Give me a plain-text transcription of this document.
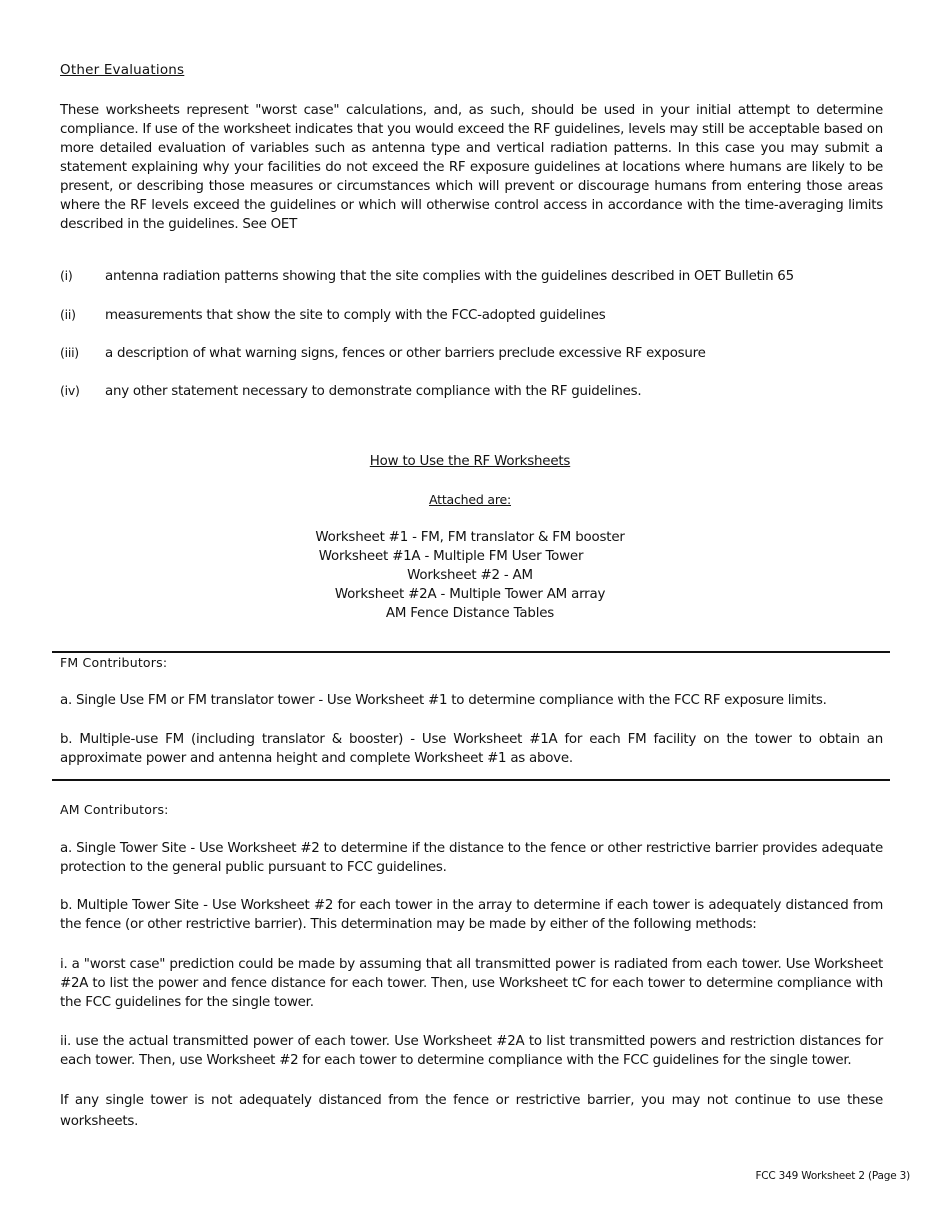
Other Evaluations
These worksheets represent "worst case" calculations, and, as such, should be used in your initial attempt to determine compliance. If use of the worksheet indicates that you would exceed the RF guidelines, levels may still be acceptable based on more detailed evaluation of variables such as antenna type and vertical radiation patterns. In this case you may submit a statement explaining why your facilities do not exceed the RF exposure guidelines at locations where humans are likely to be present, or describing those measures or circumstances which will prevent or discourage humans from entering those areas where the RF levels exceed the guidelines or which will otherwise control access in accordance with the time-averaging limits described in the guidelines. See OET
(i) antenna radiation patterns showing that the site complies with the guidelines described in OET Bulletin 65
(ii) measurements that show the site to comply with the FCC-adopted guidelines
(iii) a description of what warning signs, fences or other barriers preclude excessive RF exposure
(iv) any other statement necessary to demonstrate compliance with the RF guidelines.
How to Use the RF Worksheets
Attached are:
Worksheet #1 - FM, FM translator & FM booster
Worksheet #1A - Multiple FM User Tower
Worksheet #2 - AM
Worksheet #2A - Multiple Tower AM array
AM Fence Distance Tables
FM Contributors:
a. Single Use FM or FM translator tower - Use Worksheet #1 to determine compliance with the FCC RF exposure limits.
b. Multiple-use FM (including translator & booster) - Use Worksheet #1A for each FM facility on the tower to obtain an approximate power and antenna height and complete Worksheet #1 as above.
AM Contributors:
a. Single Tower Site - Use Worksheet #2 to determine if the distance to the fence or other restrictive barrier provides adequate protection to the general public pursuant to FCC guidelines.
b. Multiple Tower Site - Use Worksheet #2 for each tower in the array to determine if each tower is adequately distanced from the fence (or other restrictive barrier). This determination may be made by either of the following methods:
i. a "worst case" prediction could be made by assuming that all transmitted power is radiated from each tower. Use Worksheet #2A to list the power and fence distance for each tower. Then, use Worksheet tC for each tower to determine compliance with the FCC guidelines for the single tower.
ii. use the actual transmitted power of each tower. Use Worksheet #2A to list transmitted powers and restriction distances for each tower. Then, use Worksheet #2 for each tower to determine compliance with the FCC guidelines for the single tower.
If any single tower is not adequately distanced from the fence or restrictive barrier, you may not continue to use these worksheets.
FCC 349 Worksheet 2 (Page 3)
